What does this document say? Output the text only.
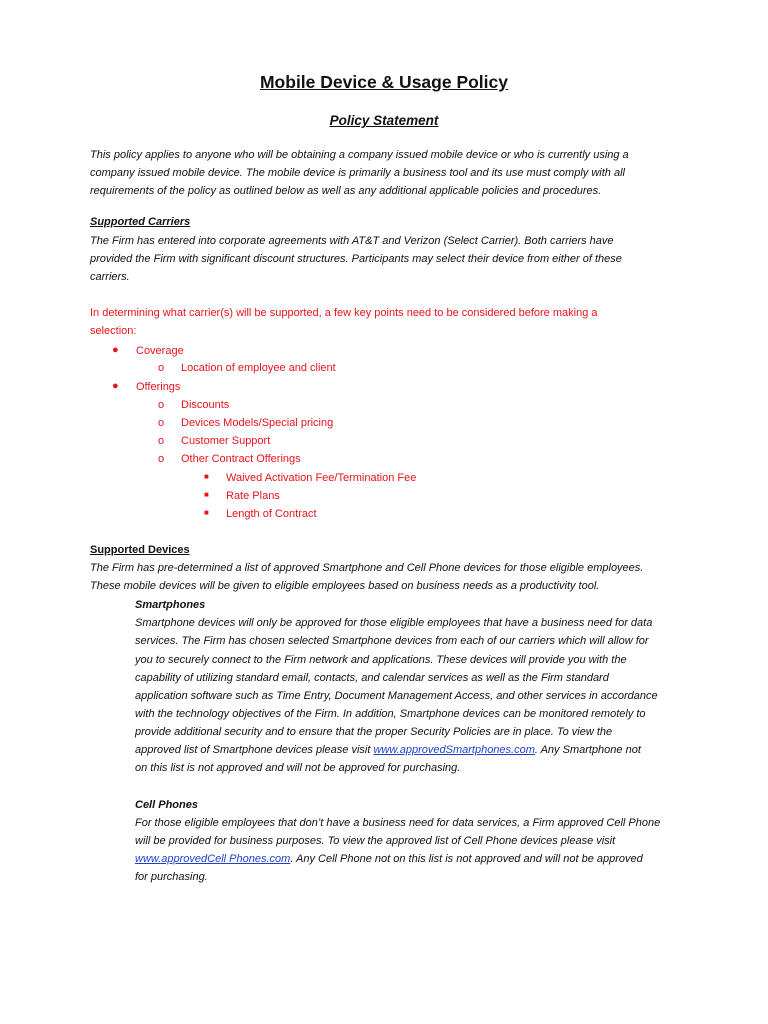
Mobile Device & Usage Policy
Policy Statement
This policy applies to anyone who will be obtaining a company issued mobile device or who is currently using a
company issued mobile device. The mobile device is primarily a business tool and its use must comply with all
requirements of the policy as outlined below as well as any additional applicable policies and procedures.
Supported Carriers
The Firm has entered into corporate agreements with AT&T and Verizon (Select Carrier). Both carriers have
provided the Firm with significant discount structures. Participants may select their device from either of these
carriers.
In determining what carrier(s) will be supported, a few key points need to be considered before making a
selection:
● Coverage
o Location of employee and client
● Offerings
o Discounts
o Devices Models/Special pricing
o Customer Support
o Other Contract Offerings
■ Waived Activation Fee/Termination Fee
■ Rate Plans
■ Length of Contract
Supported Devices
The Firm has pre-determined a list of approved Smartphone and Cell Phone devices for those eligible employees.
These mobile devices will be given to eligible employees based on business needs as a productivity tool.
Smartphones
Smartphone devices will only be approved for those eligible employees that have a business need for data
services. The Firm has chosen selected Smartphone devices from each of our carriers which will allow for
you to securely connect to the Firm network and applications. These devices will provide you with the
capability of utilizing standard email, contacts, and calendar services as well as the Firm standard
application software such as Time Entry, Document Management Access, and other services in accordance
with the technology objectives of the Firm. In addition, Smartphone devices can be monitored remotely to
provide additional security and to ensure that the proper Security Policies are in place. To view the
approved list of Smartphone devices please visit www.approvedSmartphones.com. Any Smartphone not
on this list is not approved and will not be approved for purchasing.
Cell Phones
For those eligible employees that don’t have a business need for data services, a Firm approved Cell Phone
will be provided for business purposes. To view the approved list of Cell Phone devices please visit
www.approvedCell Phones.com. Any Cell Phone not on this list is not approved and will not be approved
for purchasing.
